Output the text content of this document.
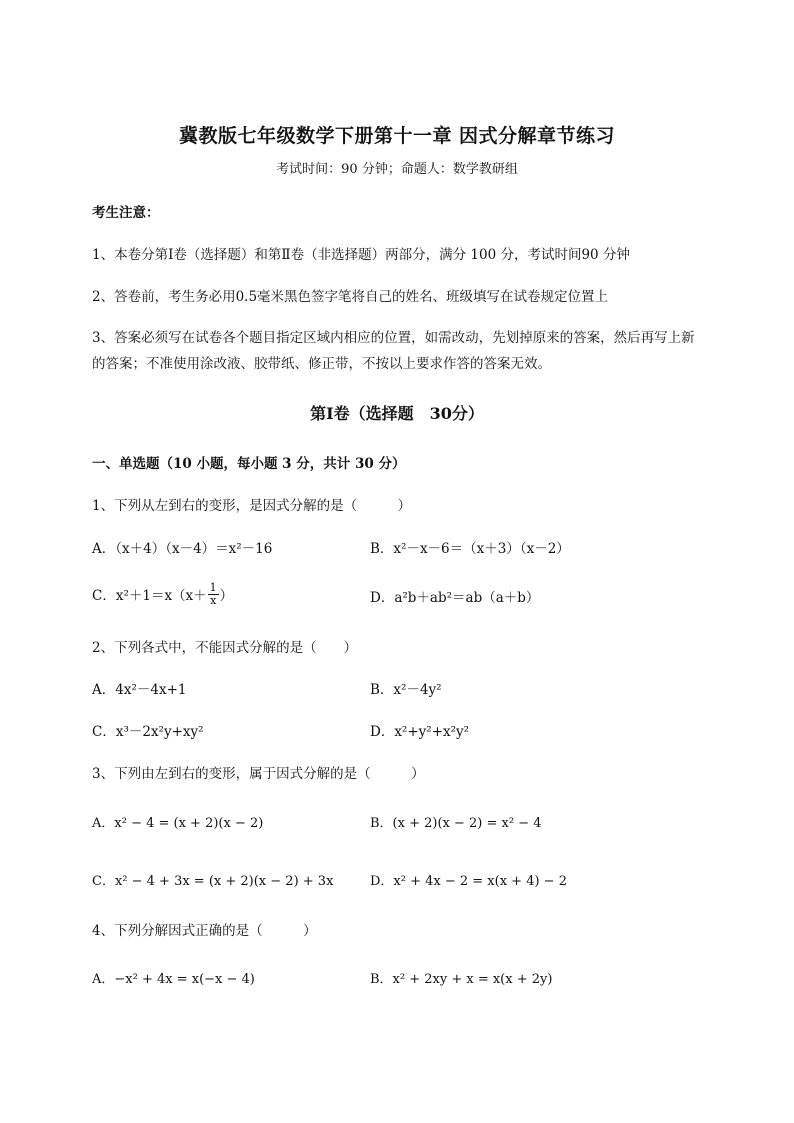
冀教版七年级数学下册第十一章 因式分解章节练习
考试时间：90 分钟；命题人：数学教研组
考生注意：
1、本卷分第Ⅰ卷（选择题）和第Ⅱ卷（非选择题）两部分，满分 100 分，考试时间90 分钟
2、答卷前，考生务必用0.5毫米黑色签字笔将自己的姓名、班级填写在试卷规定位置上
3、答案必须写在试卷各个题目指定区域内相应的位置，如需改动，先划掉原来的答案，然后再写上新
的答案；不准使用涂改液、胶带纸、修正带，不按以上要求作答的答案无效。
第Ⅰ卷（选择题　30分）
一、单选题（10 小题，每小题 3 分，共计 30 分）
1、下列从左到右的变形，是因式分解的是（　　　）
A．（x＋4）（x－4）＝x²－16	B．x²－x－6＝（x＋3）（x－2）
C．$x^2+1=x(x+ \frac{1}{x}$ ）	D．a²b＋ab²＝ab（a＋b）
2、下列各式中，不能因式分解的是（　　）
A．4x²－4x+1	B．x²－4y²
C．x³－2x²y+xy²	D．x²+y²+x²y²
3、下列由左到右的变形，属于因式分解的是（　　　）
A．x² − 4 = (x + 2)(x − 2)	B．(x + 2)(x − 2) = x² − 4
C．x² − 4 + 3x = (x + 2)(x − 2) + 3x	D．x² + 4x − 2 = x(x + 4) − 2
4、下列分解因式正确的是（　　　）
A．−x² + 4x = x(−x − 4)	B．x² + 2xy + x = x(x + 2y)
